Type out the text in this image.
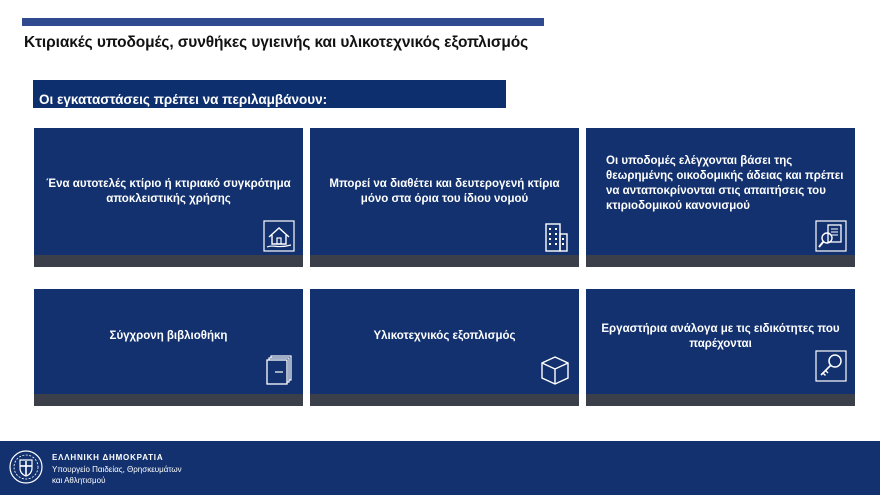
Κτιριακές υποδομές, συνθήκες υγιεινής και υλικοτεχνικός εξοπλισμός
Οι εγκαταστάσεις πρέπει να περιλαμβάνουν:
Ένα αυτοτελές κτίριο ή κτιριακό συγκρότημα αποκλειστικής χρήσης
Μπορεί να διαθέτει και δευτερογενή κτίρια μόνο στα όρια του ίδιου νομού
Οι υποδομές ελέγχονται βάσει της θεωρημένης οικοδομικής άδειας και πρέπει να ανταποκρίνονται στις απαιτήσεις του κτιριοδομικού κανονισμού
Σύγχρονη βιβλιοθήκη	Υλικοτεχνικός εξοπλισμός
Εργαστήρια ανάλογα με τις ειδικότητες που παρέχονται
ΕΛΛΗΝΙΚΗ ΔΗΜΟΚΡΑΤΙΑ
Υπουργείο Παιδείας, Θρησκευμάτων
και Αθλητισμού
